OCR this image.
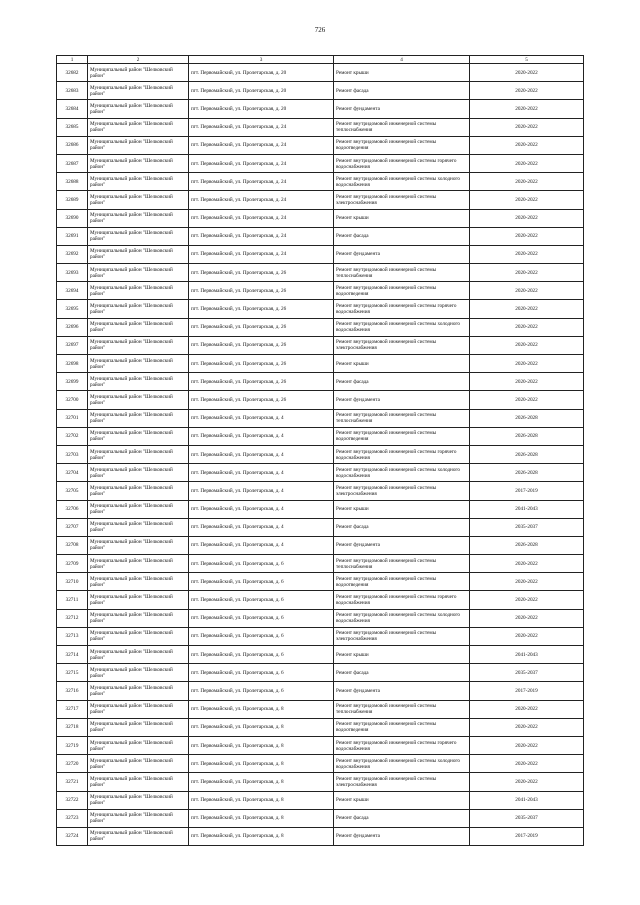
726
1	2	3	4	5
32682	Муниципальный район "Шелковский район"	пгт. Первомайский, ул. Пролетарская, д. 20	Ремонт крыши	2020-2022
32683	Муниципальный район "Шелковский район"	пгт. Первомайский, ул. Пролетарская, д. 20	Ремонт фасада	2020-2022
32684	Муниципальный район "Шелковский район"	пгт. Первомайский, ул. Пролетарская, д. 20	Ремонт фундамента	2020-2022
32685	Муниципальный район "Шелковский район"	пгт. Первомайский, ул. Пролетарская, д. 24	Ремонт внутридомовой инженерной системы теплоснабжения	2020-2022
32686	Муниципальный район "Шелковский район"	пгт. Первомайский, ул. Пролетарская, д. 24	Ремонт внутридомовой инженерной системы водоотведения	2020-2022
32687	Муниципальный район "Шелковский район"	пгт. Первомайский, ул. Пролетарская, д. 24	Ремонт внутридомовой инженерной системы горячего водоснабжения	2020-2022
32688	Муниципальный район "Шелковский район"	пгт. Первомайский, ул. Пролетарская, д. 24	Ремонт внутридомовой инженерной системы холодного водоснабжения	2020-2022
32689	Муниципальный район "Шелковский район"	пгт. Первомайский, ул. Пролетарская, д. 24	Ремонт внутридомовой инженерной системы электроснабжения	2020-2022
32690	Муниципальный район "Шелковский район"	пгт. Первомайский, ул. Пролетарская, д. 24	Ремонт крыши	2020-2022
32691	Муниципальный район "Шелковский район"	пгт. Первомайский, ул. Пролетарская, д. 24	Ремонт фасада	2020-2022
32692	Муниципальный район "Шелковский район"	пгт. Первомайский, ул. Пролетарская, д. 24	Ремонт фундамента	2020-2022
32693	Муниципальный район "Шелковский район"	пгт. Первомайский, ул. Пролетарская, д. 26	Ремонт внутридомовой инженерной системы теплоснабжения	2020-2022
32694	Муниципальный район "Шелковский район"	пгт. Первомайский, ул. Пролетарская, д. 26	Ремонт внутридомовой инженерной системы водоотведения	2020-2022
32695	Муниципальный район "Шелковский район"	пгт. Первомайский, ул. Пролетарская, д. 26	Ремонт внутридомовой инженерной системы горячего водоснабжения	2020-2022
32696	Муниципальный район "Шелковский район"	пгт. Первомайский, ул. Пролетарская, д. 26	Ремонт внутридомовой инженерной системы холодного водоснабжения	2020-2022
32697	Муниципальный район "Шелковский район"	пгт. Первомайский, ул. Пролетарская, д. 26	Ремонт внутридомовой инженерной системы электроснабжения	2020-2022
32698	Муниципальный район "Шелковский район"	пгт. Первомайский, ул. Пролетарская, д. 26	Ремонт крыши	2020-2022
32699	Муниципальный район "Шелковский район"	пгт. Первомайский, ул. Пролетарская, д. 26	Ремонт фасада	2020-2022
32700	Муниципальный район "Шелковский район"	пгт. Первомайский, ул. Пролетарская, д. 26	Ремонт фундамента	2020-2022
32701	Муниципальный район "Шелковский район"	пгт. Первомайский, ул. Пролетарская, д. 4	Ремонт внутридомовой инженерной системы теплоснабжения	2026-2028
32702	Муниципальный район "Шелковский район"	пгт. Первомайский, ул. Пролетарская, д. 4	Ремонт внутридомовой инженерной системы водоотведения	2026-2028
32703	Муниципальный район "Шелковский район"	пгт. Первомайский, ул. Пролетарская, д. 4	Ремонт внутридомовой инженерной системы горячего водоснабжения	2026-2028
32704	Муниципальный район "Шелковский район"	пгт. Первомайский, ул. Пролетарская, д. 4	Ремонт внутридомовой инженерной системы холодного водоснабжения	2026-2028
32705	Муниципальный район "Шелковский район"	пгт. Первомайский, ул. Пролетарская, д. 4	Ремонт внутридомовой инженерной системы электроснабжения	2017-2019
32706	Муниципальный район "Шелковский район"	пгт. Первомайский, ул. Пролетарская, д. 4	Ремонт крыши	2041-2043
32707	Муниципальный район "Шелковский район"	пгт. Первомайский, ул. Пролетарская, д. 4	Ремонт фасада	2035-2037
32708	Муниципальный район "Шелковский район"	пгт. Первомайский, ул. Пролетарская, д. 4	Ремонт фундамента	2026-2028
32709	Муниципальный район "Шелковский район"	пгт. Первомайский, ул. Пролетарская, д. 6	Ремонт внутридомовой инженерной системы теплоснабжения	2020-2022
32710	Муниципальный район "Шелковский район"	пгт. Первомайский, ул. Пролетарская, д. 6	Ремонт внутридомовой инженерной системы водоотведения	2020-2022
32711	Муниципальный район "Шелковский район"	пгт. Первомайский, ул. Пролетарская, д. 6	Ремонт внутридомовой инженерной системы горячего водоснабжения	2020-2022
32712	Муниципальный район "Шелковский район"	пгт. Первомайский, ул. Пролетарская, д. 6	Ремонт внутридомовой инженерной системы холодного водоснабжения	2020-2022
32713	Муниципальный район "Шелковский район"	пгт. Первомайский, ул. Пролетарская, д. 6	Ремонт внутридомовой инженерной системы электроснабжения	2020-2022
32714	Муниципальный район "Шелковский район"	пгт. Первомайский, ул. Пролетарская, д. 6	Ремонт крыши	2041-2043
32715	Муниципальный район "Шелковский район"	пгт. Первомайский, ул. Пролетарская, д. 6	Ремонт фасада	2035-2037
32716	Муниципальный район "Шелковский район"	пгт. Первомайский, ул. Пролетарская, д. 6	Ремонт фундамента	2017-2019
32717	Муниципальный район "Шелковский район"	пгт. Первомайский, ул. Пролетарская, д. 8	Ремонт внутридомовой инженерной системы теплоснабжения	2020-2022
32718	Муниципальный район "Шелковский район"	пгт. Первомайский, ул. Пролетарская, д. 8	Ремонт внутридомовой инженерной системы водоотведения	2020-2022
32719	Муниципальный район "Шелковский район"	пгт. Первомайский, ул. Пролетарская, д. 8	Ремонт внутридомовой инженерной системы горячего водоснабжения	2020-2022
32720	Муниципальный район "Шелковский район"	пгт. Первомайский, ул. Пролетарская, д. 8	Ремонт внутридомовой инженерной системы холодного водоснабжения	2020-2022
32721	Муниципальный район "Шелковский район"	пгт. Первомайский, ул. Пролетарская, д. 8	Ремонт внутридомовой инженерной системы электроснабжения	2020-2022
32722	Муниципальный район "Шелковский район"	пгт. Первомайский, ул. Пролетарская, д. 8	Ремонт крыши	2041-2043
32723	Муниципальный район "Шелковский район"	пгт. Первомайский, ул. Пролетарская, д. 8	Ремонт фасада	2035-2037
32724	Муниципальный район "Шелковский район"	пгт. Первомайский, ул. Пролетарская, д. 8	Ремонт фундамента	2017-2019
